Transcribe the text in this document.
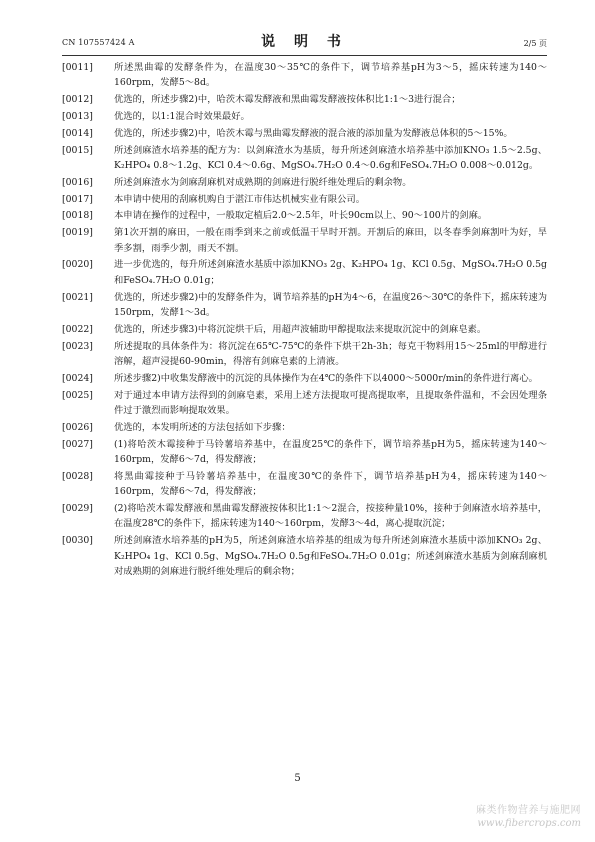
CN 107557424 A	说 明 书	2/5 页
[0011] 所述黑曲霉的发酵条件为，在温度30～35℃的条件下，调节培养基pH为3～5，摇床转速为140～160rpm，发酵5～8d。
[0012] 优选的，所述步骤2)中，哈茨木霉发酵液和黑曲霉发酵液按体积比1:1～3进行混合；
[0013] 优选的，以1:1混合时效果最好。
[0014] 优选的，所述步骤2)中，哈茨木霉与黑曲霉发酵液的混合液的添加量为发酵液总体积的5～15%。
[0015] 所述剑麻渣水培养基的配方为：以剑麻渣水为基质，每升所述剑麻渣水培养基中添加KNO₃ 1.5～2.5g、K₂HPO₄ 0.8～1.2g、KCl 0.4～0.6g、MgSO₄.7H₂O 0.4～0.6g和FeSO₄.7H₂O 0.008～0.012g。
[0016] 所述剑麻渣水为剑麻刮麻机对成熟期的剑麻进行脱纤维处理后的剩余物。
[0017] 本申请中使用的刮麻机购自于湛江市伟达机械实业有限公司。
[0018] 本申请在操作的过程中，一般取定植后2.0～2.5年，叶长90cm以上、90～100片的剑麻。
[0019] 第1次开割的麻田，一般在雨季到来之前或低温干旱时开割。开割后的麻田，以冬春季剑麻割叶为好，旱季多割，雨季少割，雨天不割。
[0020] 进一步优选的，每升所述剑麻渣水基质中添加KNO₃ 2g、K₂HPO₄ 1g、KCl 0.5g、MgSO₄.7H₂O 0.5g和FeSO₄.7H₂O 0.01g；
[0021] 优选的，所述步骤2)中的发酵条件为，调节培养基的pH为4～6，在温度26～30℃的条件下，摇床转速为150rpm，发酵1～3d。
[0022] 优选的，所述步骤3)中将沉淀烘干后，用超声波辅助甲醇提取法来提取沉淀中的剑麻皂素。
[0023] 所述提取的具体条件为：将沉淀在65℃-75℃的条件下烘干2h-3h；每克干物料用15～25ml的甲醇进行溶解，超声浸提60-90min，得溶有剑麻皂素的上清液。
[0024] 所述步骤2)中收集发酵液中的沉淀的具体操作为在4℃的条件下以4000～5000r/min的条件进行离心。
[0025] 对于通过本申请方法得到的剑麻皂素，采用上述方法提取可提高提取率，且提取条件温和，不会因处理条件过于激烈而影响提取效果。
[0026] 优选的，本发明所述的方法包括如下步骤：
[0027] (1)将哈茨木霉接种于马铃薯培养基中，在温度25℃的条件下，调节培养基pH为5，摇床转速为140～160rpm，发酵6～7d，得发酵液；
[0028] 将黑曲霉接种于马铃薯培养基中，在温度30℃的条件下，调节培养基pH为4，摇床转速为140～160rpm，发酵6～7d，得发酵液；
[0029] (2)将哈茨木霉发酵液和黑曲霉发酵液按体积比1:1～2混合，按接种量10%，接种于剑麻渣水培养基中，在温度28℃的条件下，摇床转速为140～160rpm，发酵3～4d，离心提取沉淀；
[0030] 所述剑麻渣水培养基的pH为5，所述剑麻渣水培养基的组成为每升所述剑麻渣水基质中添加KNO₃ 2g、K₂HPO₄ 1g、KCl 0.5g、MgSO₄.7H₂O 0.5g和FeSO₄.7H₂O 0.01g；所述剑麻渣水基质为剑麻刮麻机对成熟期的剑麻进行脱纤维处理后的剩余物；
5
麻类作物营养与施肥网
www.fibercrops.com
